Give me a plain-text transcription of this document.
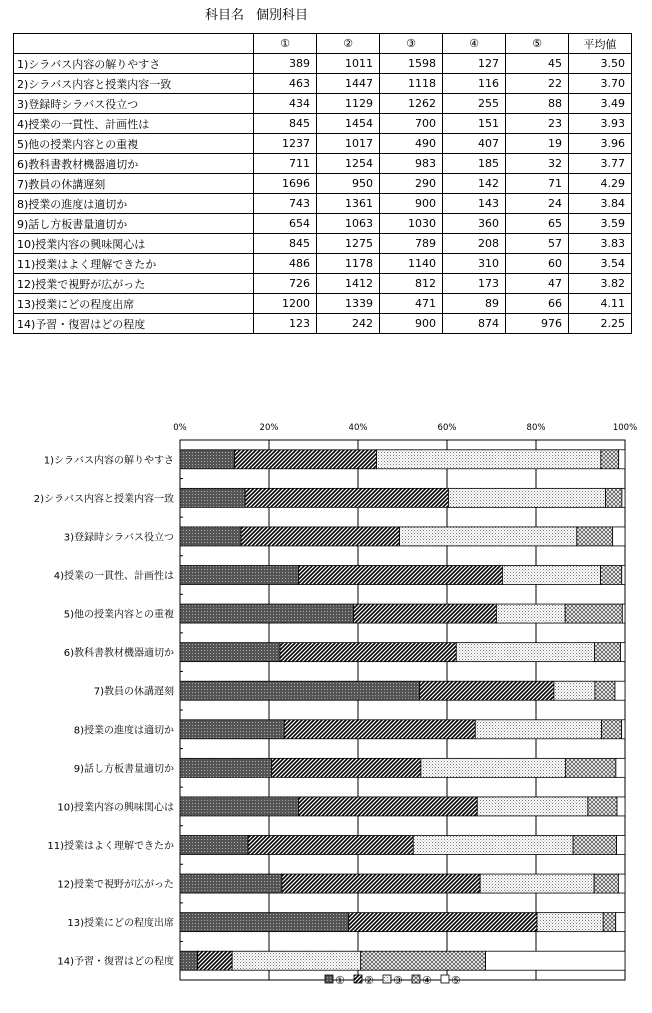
科目名 個別科目
	①	②	③	④	⑤	平均値
1)シラバス内容の解りやすさ	389	1011	1598	127	45	3.50
2)シラバス内容と授業内容一致	463	1447	1118	116	22	3.70
3)登録時シラバス役立つ	434	1129	1262	255	88	3.49
4)授業の一貫性、計画性は	845	1454	700	151	23	3.93
5)他の授業内容との重複	1237	1017	490	407	19	3.96
6)教科書教材機器適切か	711	1254	983	185	32	3.77
7)教員の休講遅刻	1696	950	290	142	71	4.29
8)授業の進度は適切か	743	1361	900	143	24	3.84
9)話し方板書量適切か	654	1063	1030	360	65	3.59
10)授業内容の興味関心は	845	1275	789	208	57	3.83
11)授業はよく理解できたか	486	1178	1140	310	60	3.54
12)授業で視野が広がった	726	1412	812	173	47	3.82
13)授業にどの程度出席	1200	1339	471	89	66	4.11
14)予習・復習はどの程度	123	242	900	874	976	2.25
0%	20%	40%	60%	80%	100%
1)シラバス内容の解りやすさ
2)シラバス内容と授業内容一致
3)登録時シラバス役立つ
4)授業の一貫性、計画性は
5)他の授業内容との重複
6)教科書教材機器適切か
7)教員の休講遅刻
8)授業の進度は適切か
9)話し方板書量適切か
10)授業内容の興味関心は
11)授業はよく理解できたか
12)授業で視野が広がった
13)授業にどの程度出席
14)予習・復習はどの程度
① ② ③ ④ ⑤
